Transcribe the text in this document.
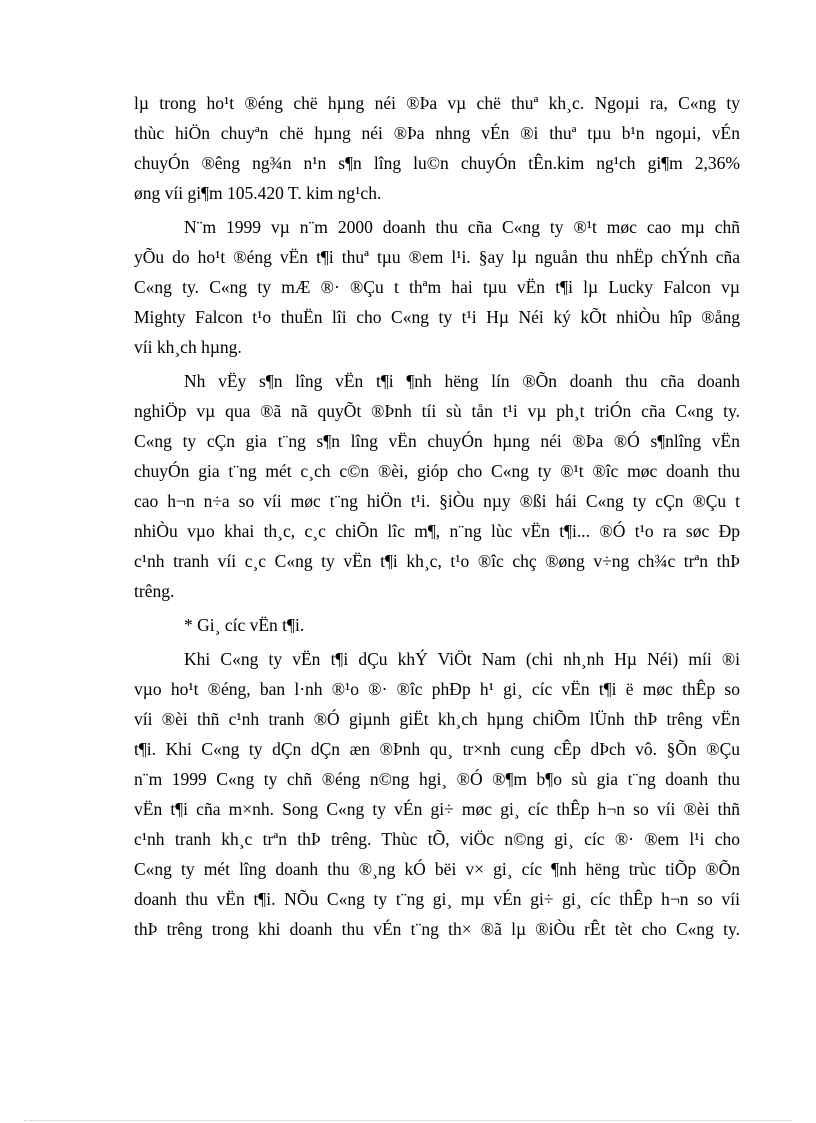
lµ trong ho¹t ®éng chë hµng néi ®Þa vµ chë thuª kh¸c. Ngoµi ra, C«ng ty
thùc hiÖn chuyªn chë hµng néi ®Þa nhng vÉn ®i thuª tµu b¹n ngoµi, vÉn
chuyÓn ®êng ng¾n n¹n s¶n lîng lu©n chuyÓn tÊn.kim ng¹ch gi¶m 2,36%
øng víi gi¶m 105.420 T. kim ng¹ch.
N¨m 1999 vµ n¨m 2000 doanh thu cña C«ng ty ®¹t møc cao mµ chñ
yÕu do ho¹t ®éng vËn t¶i thuª tµu ®em l¹i. §ay lµ nguån thu nhËp chÝnh cña
C«ng ty. C«ng ty mÆ ®· ®Çu t thªm hai tµu vËn t¶i lµ Lucky Falcon vµ
Mighty Falcon t¹o thuËn lîi cho C«ng ty t¹i Hµ Néi ký kÕt nhiÒu hîp ®ång
víi kh¸ch hµng.
Nh vËy s¶n lîng vËn t¶i ¶nh hëng lín ®Õn doanh thu cña doanh
nghiÖp vµ qua ®ã nã quyÕt ®Þnh tíi sù tån t¹i vµ ph¸t triÓn cña C«ng ty.
C«ng ty cÇn gia t¨ng s¶n lîng vËn chuyÓn hµng néi ®Þa ®Ó s¶nlîng vËn
chuyÓn gia t¨ng mét c¸ch c©n ®èi, gióp cho C«ng ty ®¹t ®îc møc doanh thu
cao h¬n n÷a so víi møc t¨ng hiÖn t¹i. §iÒu nµy ®ßi hái C«ng ty cÇn ®Çu t
nhiÒu vµo khai th¸c, c¸c chiÕn lîc m¶, n¨ng lùc vËn t¶i... ®Ó t¹o ra søc Ðp
c¹nh tranh víi c¸c C«ng ty vËn t¶i kh¸c, t¹o ®îc chç ®øng v÷ng ch¾c trªn thÞ
trêng.
* Gi¸ cíc vËn t¶i.
Khi C«ng ty vËn t¶i dÇu khÝ ViÖt Nam (chi nh¸nh Hµ Néi) míi ®i
vµo ho¹t ®éng, ban l·nh ®¹o ®· ®îc phÐp h¹ gi¸ cíc vËn t¶i ë møc thÊp so
víi ®èi thñ c¹nh tranh ®Ó giµnh giËt kh¸ch hµng chiÕm lÜnh thÞ trêng vËn
t¶i. Khi C«ng ty dÇn dÇn æn ®Þnh qu¸ tr×nh cung cÊp dÞch vô. §Õn ®Çu
n¨m 1999 C«ng ty chñ ®éng n©ng hgi¸ ®Ó ®¶m b¶o sù gia t¨ng doanh thu
vËn t¶i cña m×nh. Song C«ng ty vÉn gi÷ møc gi¸ cíc thÊp h¬n so víi ®èi thñ
c¹nh tranh kh¸c trªn thÞ trêng. Thùc tÕ, viÖc n©ng gi¸ cíc ®· ®em l¹i cho
C«ng ty mét lîng doanh thu ®¸ng kÓ bëi v× gi¸ cíc ¶nh hëng trùc tiÕp ®Õn
doanh thu vËn t¶i. NÕu C«ng ty t¨ng gi¸ mµ vÉn gi÷ gi¸ cíc thÊp h¬n so víi
thÞ trêng trong khi doanh thu vÉn t¨ng th× ®ã lµ ®iÒu rÊt tèt cho C«ng ty.
